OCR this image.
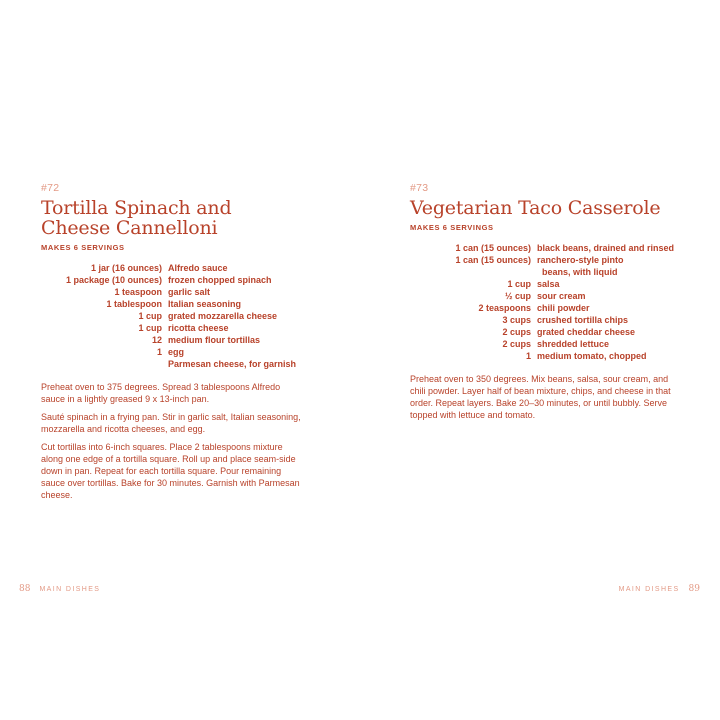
#72
Tortilla Spinach and
Cheese Cannelloni
MAKES 6 SERVINGS
1 jar (16 ounces) Alfredo sauce
1 package (10 ounces) frozen chopped spinach
1 teaspoon garlic salt
1 tablespoon Italian seasoning
1 cup grated mozzarella cheese
1 cup ricotta cheese
12 medium flour tortillas
1 egg
Parmesan cheese, for garnish

Preheat oven to 375 degrees. Spread 3 tablespoons Alfredo sauce in a lightly greased 9 x 13-inch pan.

Sauté spinach in a frying pan. Stir in garlic salt, Italian seasoning, mozzarella and ricotta cheeses, and egg.

Cut tortillas into 6-inch squares. Place 2 tablespoons mixture along one edge of a tortilla square. Roll up and place seam-side down in pan. Repeat for each tortilla square. Pour remaining sauce over tortillas. Bake for 30 minutes. Garnish with Parmesan cheese.

88 MAIN DISHES
#73
Vegetarian Taco Casserole
MAKES 6 SERVINGS
1 can (15 ounces) black beans, drained and rinsed
1 can (15 ounces) ranchero-style pinto
beans, with liquid
1 cup salsa
½ cup sour cream
2 teaspoons chili powder
3 cups crushed tortilla chips
2 cups grated cheddar cheese
2 cups shredded lettuce
1 medium tomato, chopped

Preheat oven to 350 degrees. Mix beans, salsa, sour cream, and chili powder. Layer half of bean mixture, chips, and cheese in that order. Repeat layers. Bake 20–30 minutes, or until bubbly. Serve topped with lettuce and tomato.

MAIN DISHES 89
